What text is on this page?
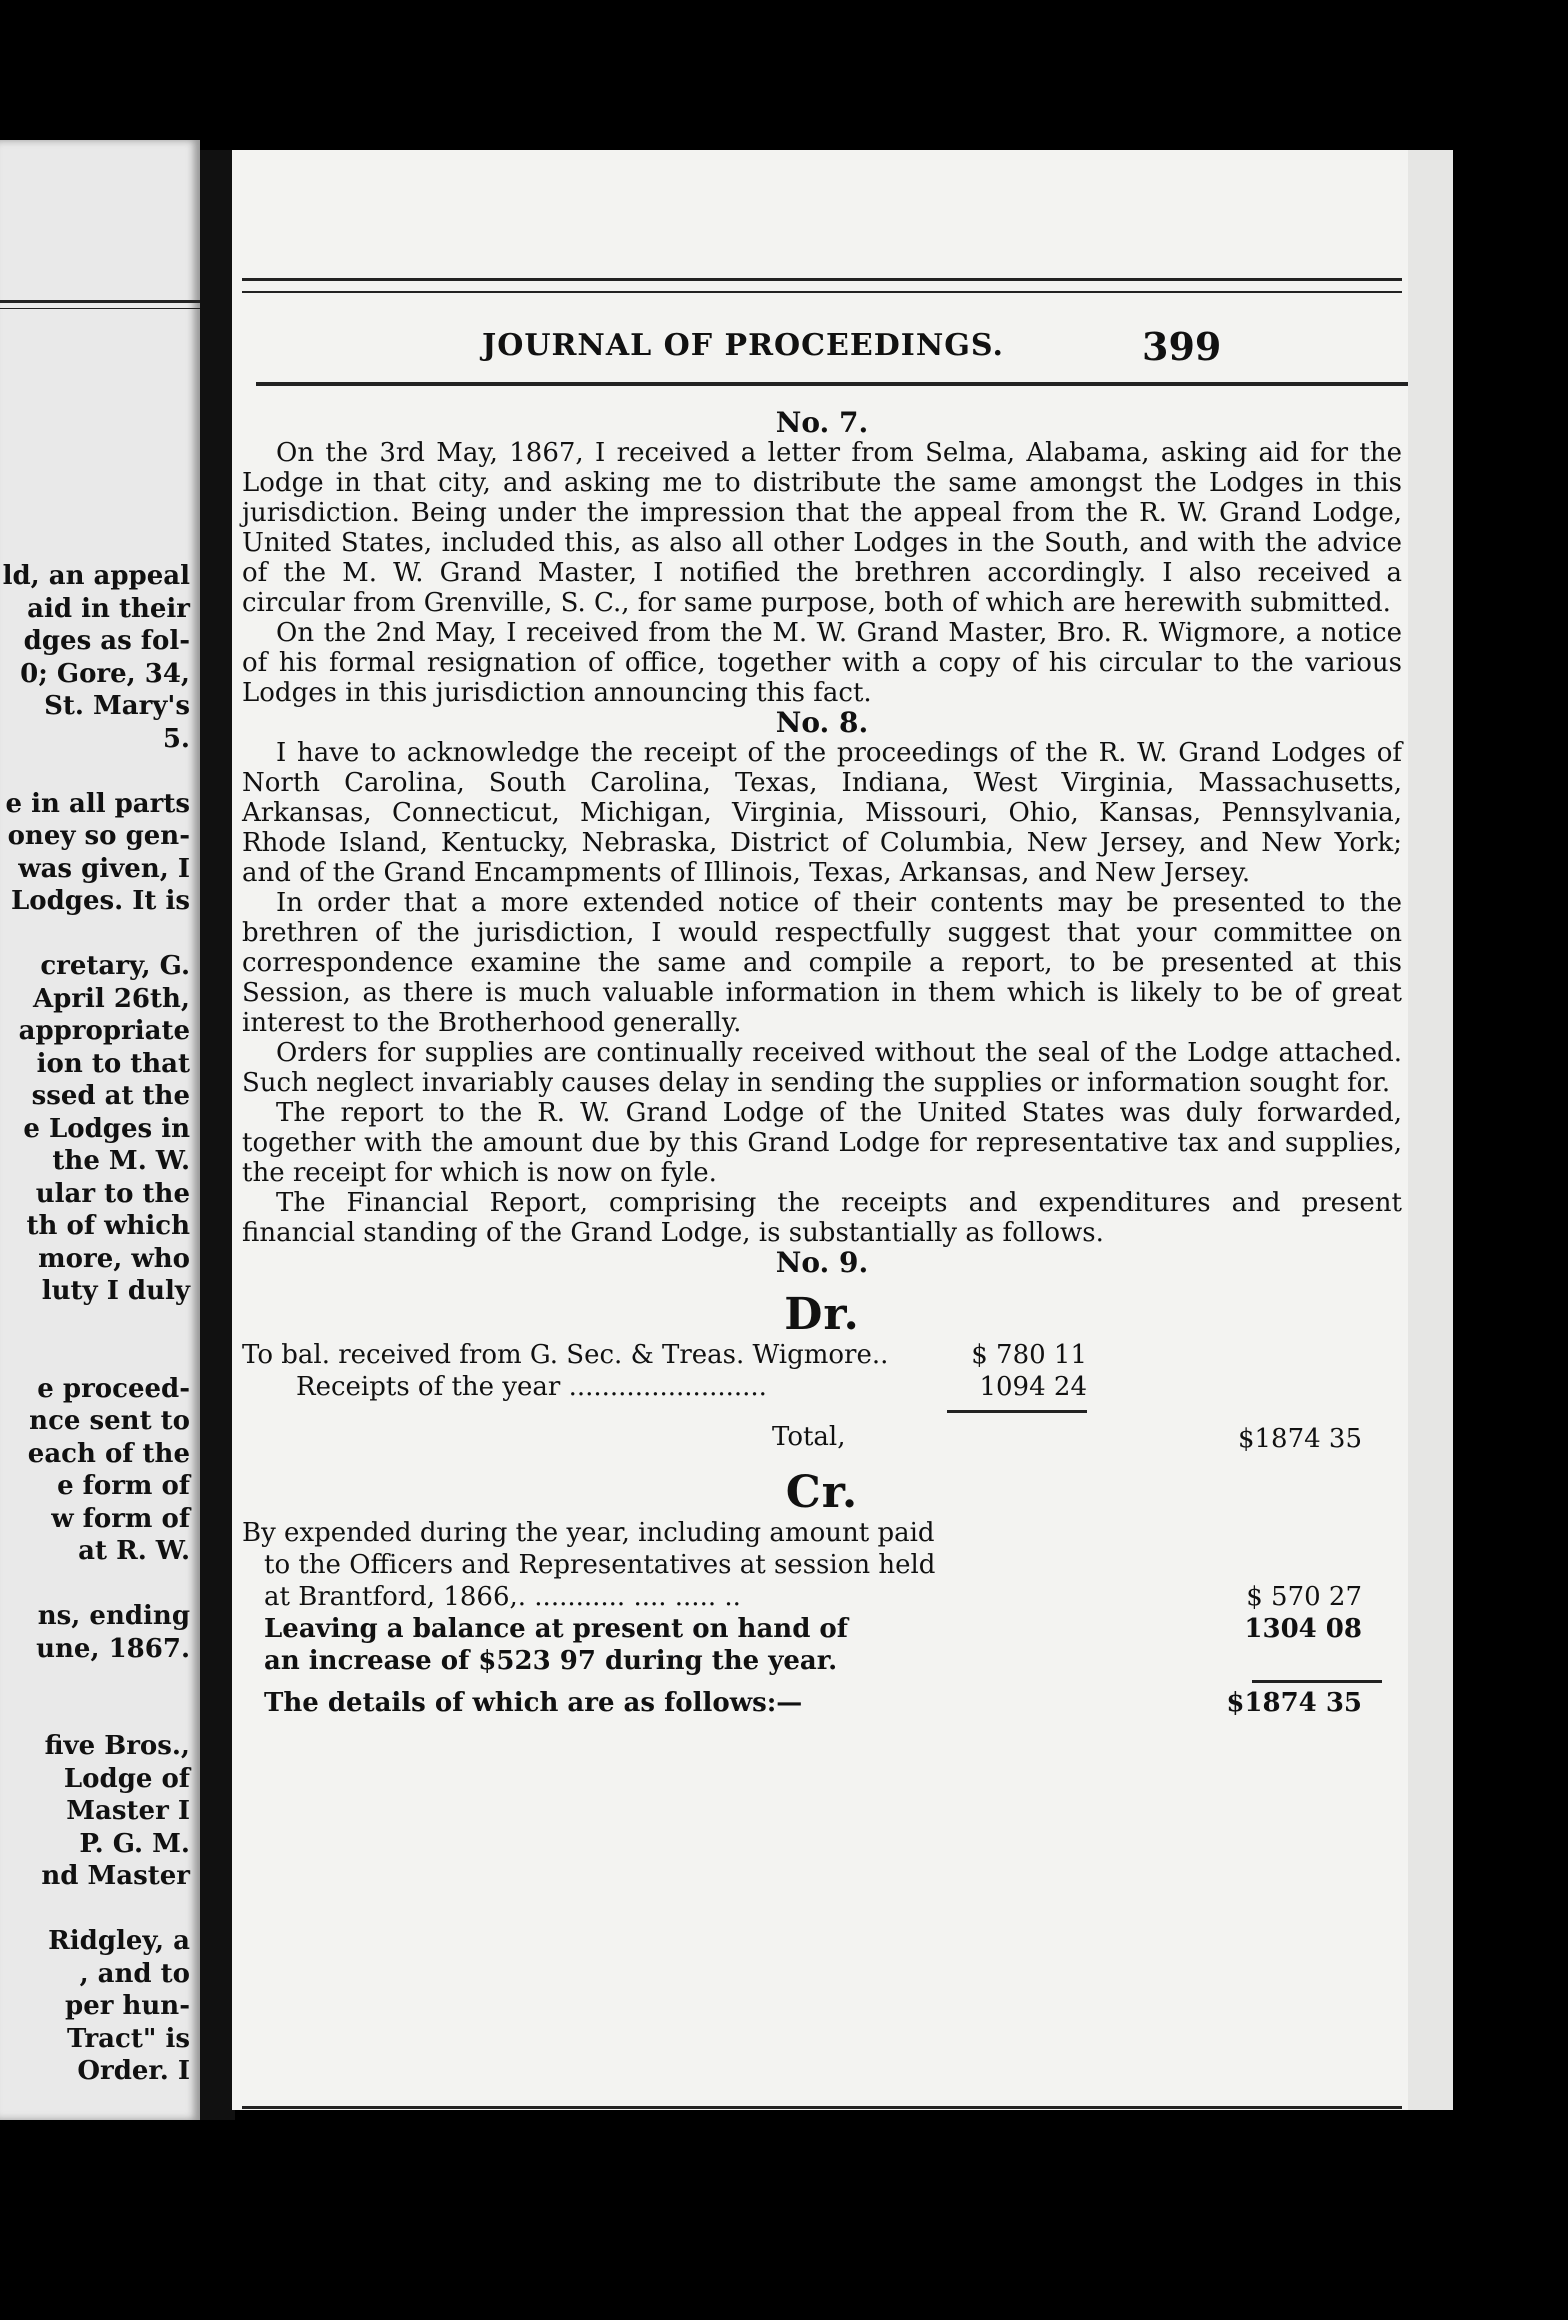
ld, an appeal
aid in their
dges as fol-
0; Gore, 34,
St. Mary's
5.
e in all parts
oney so gen-
was given, I
Lodges. It is
cretary, G.
April 26th,
appropriate
ion to that
ssed at the
e Lodges in
the M. W.
ular to the
th of which
more, who
luty I duly
e proceed-
nce sent to
each of the
e form of
w form of
at R. W.
ns, ending
une, 1867.
five Bros.,
Lodge of
Master I
P. G. M.
nd Master
Ridgley, a
, and to
per hun-
Tract" is
Order. I
JOURNAL OF PROCEEDINGS.	399

No. 7.

On the 3rd May, 1867, I received a letter from Selma, Alabama, asking aid for the Lodge in that city, and asking me to distribute the same amongst the Lodges in this jurisdiction. Being under the impression that the appeal from the R. W. Grand Lodge, United States, included this, as also all other Lodges in the South, and with the advice of the M. W. Grand Master, I notified the brethren accordingly. I also received a circular from Grenville, S. C., for same purpose, both of which are herewith submitted.

On the 2nd May, I received from the M. W. Grand Master, Bro. R. Wigmore, a notice of his formal resignation of office, together with a copy of his circular to the various Lodges in this jurisdiction announcing this fact.

No. 8.

I have to acknowledge the receipt of the proceedings of the R. W. Grand Lodges of North Carolina, South Carolina, Texas, Indiana, West Virginia, Massachusetts, Arkansas, Connecticut, Michigan, Virginia, Missouri, Ohio, Kansas, Pennsylvania, Rhode Island, Kentucky, Nebraska, District of Columbia, New Jersey, and New York; and of the Grand Encampments of Illinois, Texas, Arkansas, and New Jersey.

In order that a more extended notice of their contents may be presented to the brethren of the jurisdiction, I would respectfully suggest that your committee on correspondence examine the same and compile a report, to be presented at this Session, as there is much valuable information in them which is likely to be of great interest to the Brotherhood generally.

Orders for supplies are continually received without the seal of the Lodge attached. Such neglect invariably causes delay in sending the supplies or information sought for.

The report to the R. W. Grand Lodge of the United States was duly forwarded, together with the amount due by this Grand Lodge for representative tax and supplies, the receipt for which is now on fyle.

The Financial Report, comprising the receipts and expenditures and present financial standing of the Grand Lodge, is substantially as follows.

No. 9.

Dr.
To bal. received from G. Sec. & Treas. Wigmore..	$ 780 11
Receipts of the year ........................	1094 24
Total,	$1874 35
Cr.
By expended during the year, including amount paid
to the Officers and Representatives at session held
at Brantford, 1866,. ........... .... ..... ..	$ 570 27
Leaving a balance at present on hand of	1304 08
an increase of $523 97 during the year.
The details of which are as follows:—	$1874 35
